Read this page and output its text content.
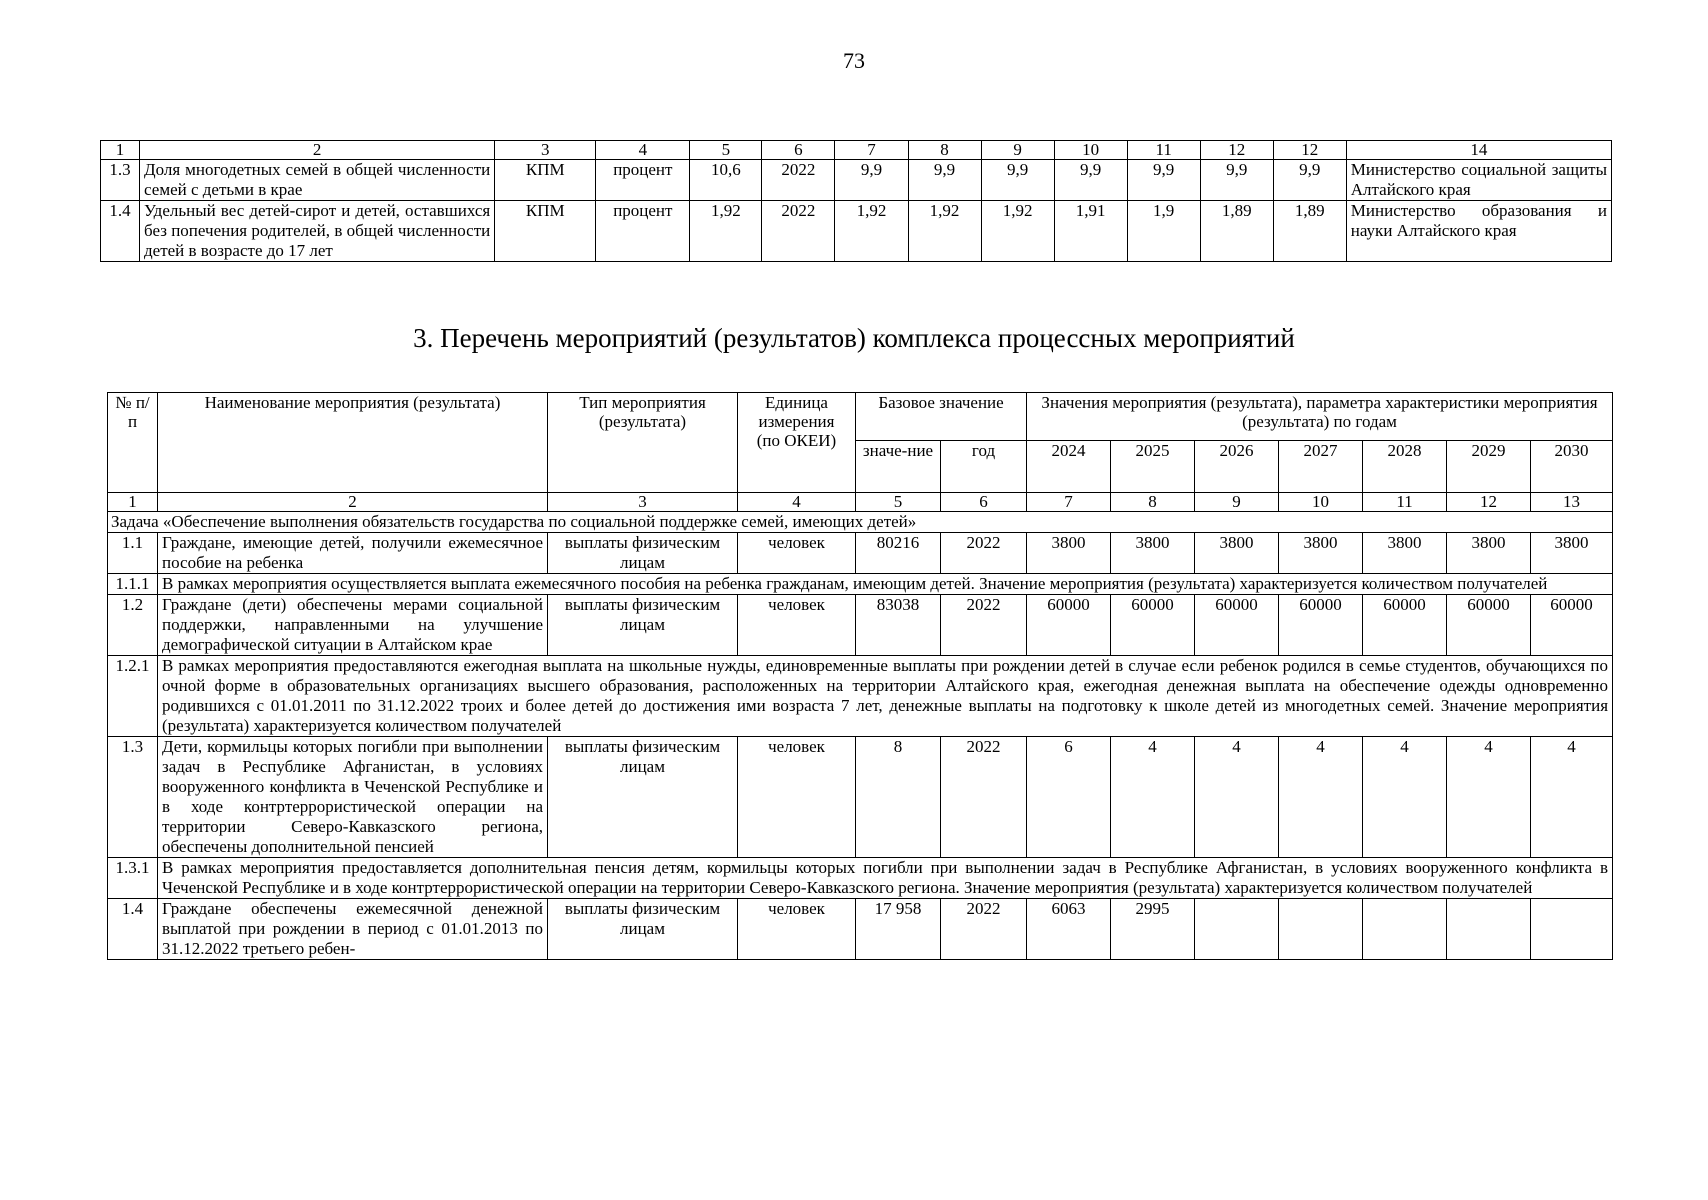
73
1	2	3	4	5	6	7	8	9	10	11	12	12	14
1.3	Доля многодетных семей в общей численности семей с детьми в крае	КПМ	процент	10,6	2022	9,9	9,9	9,9	9,9	9,9	9,9	9,9	Министерство социальной защиты Алтайского края
1.4	Удельный вес детей-сирот и детей, оставшихся без попечения родителей, в общей численности детей в возрасте до 17 лет	КПМ	процент	1,92	2022	1,92	1,92	1,92	1,91	1,9	1,89	1,89	Министерство образования и науки Алтайского края
3. Перечень мероприятий (результатов) комплекса процессных мероприятий
№ п/п	Наименование мероприятия (результата)	Тип мероприятия (результата)	Единица измерения (по ОКЕИ)	Базовое значение		Значения мероприятия (результата), параметра характеристики мероприятия (результата) по годам						
				значе-ние	год	2024	2025	2026	2027	2028	2029	2030
1	2	3	4	5	6	7	8	9	10	11	12	13
Задача «Обеспечение выполнения обязательств государства по социальной поддержке семей, имеющих детей»												
1.1	Граждане, имеющие детей, получили ежемесячное пособие на ребенка	выплаты физическим лицам	человек	80216	2022	3800	3800	3800	3800	3800	3800	3800
1.1.1	В рамках мероприятия осуществляется выплата ежемесячного пособия на ребенка гражданам, имеющим детей. Значение мероприятия (результата) характеризуется количеством получателей											
1.2	Граждане (дети) обеспечены мерами социальной поддержки, направленными на улучшение демографической ситуации в Алтайском крае	выплаты физическим лицам	человек	83038	2022	60000	60000	60000	60000	60000	60000	60000
1.2.1	В рамках мероприятия предоставляются ежегодная выплата на школьные нужды, единовременные выплаты при рождении детей в случае если ребенок родился в семье студентов, обучающихся по очной форме в образовательных организациях высшего образования, расположенных на территории Алтайского края, ежегодная денежная выплата на обеспечение одежды одновременно родившихся с 01.01.2011 по 31.12.2022 троих и более детей до достижения ими возраста 7 лет, денежные выплаты на подготовку к школе детей из многодетных семей. Значение мероприятия (результата) характеризуется количеством получателей											
1.3	Дети, кормильцы которых погибли при выполнении задач в Республике Афганистан, в условиях вооруженного конфликта в Чеченской Республике и в ходе контртеррористической операции на территории Северо-Кавказского региона, обеспечены дополнительной пенсией	выплаты физическим лицам	человек	8	2022	6	4	4	4	4	4	4
1.3.1	В рамках мероприятия предоставляется дополнительная пенсия детям, кормильцы которых погибли при выполнении задач в Республике Афганистан, в условиях вооруженного конфликта в Чеченской Республике и в ходе контртеррористической операции на территории Северо-Кавказского региона. Значение мероприятия (результата) характеризуется количеством получателей											
1.4	Граждане обеспечены ежемесячной денежной выплатой при рождении в период с 01.01.2013 по 31.12.2022 третьего ребен-	выплаты физическим лицам	человек	17 958	2022	6063	2995					
